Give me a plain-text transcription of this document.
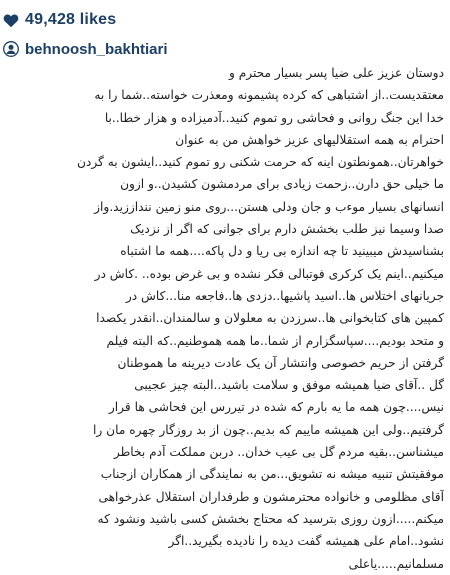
49,428 likes
behnoosh_bakhtiari
دوستان عزیز علی ضیا پسر بسیار محترم و
معتقدیست..از اشتباهی که کرده پشیمونه ومعذرت خواسته..شما را به
خدا این جنگ روانی و فحاشی رو تموم کنید..آدمیزاده و هزار خطا..با
احترام به همه استقلالیهای عزیز خواهش من به عنوان
خواهرتان..همونطتون اینه که حرمت شکنی رو تموم کنید..ایشون به گردن
ما خیلی حق دارن..زحمت زیادی برای مردمشون کشیدن..و ازون
انسانهای بسیار موءب و جان ودلی هستن...روی منو زمین ننداززید.واز
صدا وسیما نیز طلب بخشش دارم برای جوانی که اگر از نزدیک
بشناسیدش میبینید تا چه اندازه بی ریا و دل پاکه....همه ما اشتباه
میکنیم..اینم یک کرکری فوتبالی فکر نشده و بی غرض بوده.. .کاش در
جریانهای اختلاس ها..اسید پاشیها..دزدی ها..فاجعه منا...کاش در
کمپین های کتابخوانی ها..سرزدن به معلولان و سالمندان..انقدر یکصدا
و متحد بودیم....سپاسگزارم از شما..ما همه هموطنیم..که البته فیلم
گرفتن از حریم خصوصی وانتشار آن یک عادت دیرینه ما هموطنان
گل ..آقای ضیا همیشه موفق و سلامت باشید..البته چیز عجیبی
نیس....چون همه ما یه بارم که شده در تیررس این فحاشی ها قرار
گرفتیم..ولی این همیشه ماییم که بدیم..چون از بد روزگار چهره مان را
میشناسن..بقیه مردم گل بی عیب خدان.. دربن مملکت آدم بخاطر
موفقیتش تنبیه میشه نه تشویق...من به نمایندگی از همکاران ازجناب
آقای مظلومی و خانواده محترمشون و طرفداران استقلال عذرخواهی
میکنم.....ازون روزی بترسید که محتاج بخشش کسی باشید ونشود که
نشود..امام علی همیشه گفت دیده را نادیده بگیرید..اگر
مسلمانیم.....یاعلی
